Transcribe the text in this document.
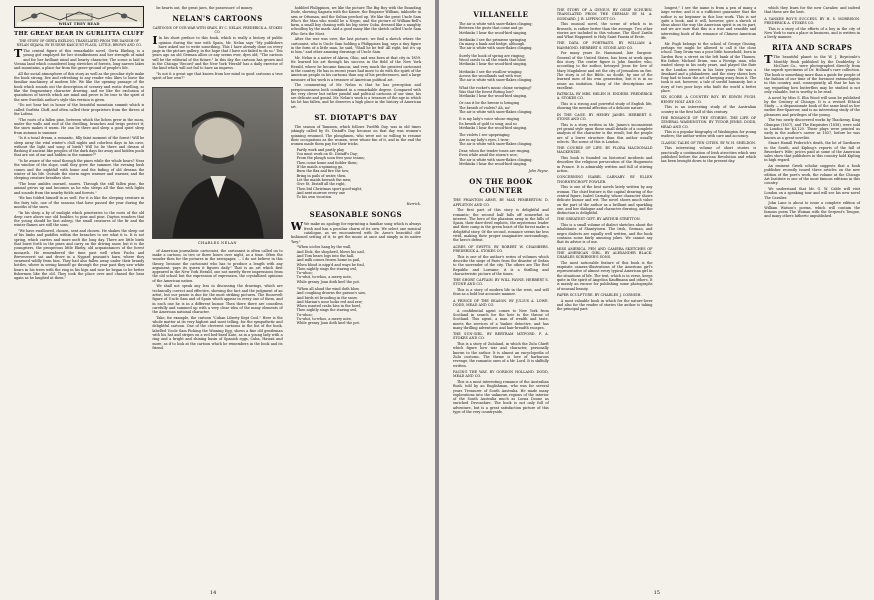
WHAT THEY READ
THE GREAT BEAR IN GURLITTA CLUFF
THE STORY OF GERTA EKELING, TRANSLATED FROM THE DANISH OF NELAN SKJANA, BY EUGENE KASCIUST FLACK, LITTLE, BROWN AND CO.

T The central figure of this remarkable novel, Gerta Ekeling, is a young girl employed for her steadfastness and her strength of mind and for her brilliant mind and hearty character. The scene is laid in Vienna land which considered long stretches of forests, long narrow lakes and mountains, a place far from the grave-ground of people's life.

All the social atmosphere of this story as well as the peculiar style make the book strong, live and refreshing to any reader who likes to leave the familiar machinery of modern life. We like the opening passage of the book which sounds out the description of scenery and rustic dwelling, so like the fragmentary character drawing, and we like the exclusion of quaintness of tarrels which are mind and prove to be true to the spirit of the new Swedish author's style this version is given.

"Do not hear but in honor of the beautiful mountain summit which is called Gurlitta Cluff, and often called their proprietors from the threes of the Lofens.

"The roots of a fallen pine, between which the lichen grew in the moss, under the walls and roof of the dwelling, branches and twigs protect it; the snow makes it warm. He can lie there and sleep a good quiet sleep from autumn to summer.

"Is it a tonal dream, a romantic, filly faint moment of the forest! Will he sleep away the vital winter's chill nights and colorless days in his cave, without the light and song of birds? Will he lie there and dream of flashing if ancient like peoples of the dark days far away and hidden pools that are out of ear and hidden in the summer?"

"Is he aware of the wind through the pines while the whole bears? Near the window of the slope, until they grew the summer, the evening hush comes and the nightfall with home and the fading of old dreams the winter of his life. Outside the storm rages warmer and warmer, and the sleeping creature breathes slow.

"The bear ambles onward, snores. Through the still fallen pine, the animal grows up and becomes as he who sleeps all the thin with lights and sounds from the nearby fields and forests."

"He has folded himself in as well. For it is like the sleeping creature in the fairy tale, one of the seasons that have passed the year during the months of the snow.

"In his sleep a by of sunlight which penetrates to the roots of the old deep cave above one old boulder, to pine and pine. Dayton wonders that the young should be fast asleep, the small creatures of the fir and the winter flames are still the sons.

"We have swallowed, chosen, sent and chosen. He shakes the sleep out of his limbs and paddles within the branches to see what it is. It is not spring, which carries and more melt the long day. There are little birds that burst forth in the pines and carry on the driving snow, but it is the youngsters, the prosperous little Ekeby, old acquaintances of the forest monarch. He remembered the time past well when Fuchs and Breveswerst sat and drove in a Nygard peasant's barn, where they swarmed wildly from him. They had also fallen away under their brandy bottles, where in seeing himself go through the year past they saw white bears in his trees with the ring in his hips and now he began to be better fishermen like the old. They took the place over and chased the bear again as he laughed at them."

be hearts out, the great jaws, the possessors' of money.

NELAN'S CARTOONS
CARTOONS OF OUR WAR WITH SPAIN. BY C. NELAN. FREDERICK A. STOKES CO.

I In his short preface to this book, which is really a history of public opinion during the war with Spain, Mr. Nelan says "My publishers have asked me to write something. This I have already done on every page in the picture gallery, in the hope that I have not failed to do so." Ten years ago an old German allies or any seems ever, dyes old; "The cartoon will be the editorial of the future." In this day the cartoon has grown and in the Chicago 'Record' and the New York 'Herald' has a daily exercise of the kind which will not fail to have an impress.

"Is not it a great age that knows from her mind in good cartoons a true spirit of her own?"

CHARLES NELAN

of American journalistic cartoonist, the cartoonist is often called on to make a cartoon, in two or three hours over night, as a time. Often the wonder then for the pictures in the newspaper, ... I do not believe in this theory, because the cartoonist who has to produce a length with any argument, pays its queen it figures daily." That is an art which first appeared in the New York Herald, one not merely three impressions from the old school but the expression of expression, the crystallized opinions of the American nation.

We shall not speak any less in discussing the drawings, which are technically correct and effective, showing the fact and the judgment of an artist, but our praise is due for the most striking pictures. The Roosevelt figure of Uncle Sam and of Spain which appear in every one of them, and in each one he is in a different humor. Then there there are countless carefully and summed up with a very clear idea of the many elements of the American national character.

Take, for example, the cartoon "Cuban Liberty Kept Cool." Here is the whole matter at its very highest and most telling, for the sympathetic and delightful cartoon. One of the cleverest cartoons in the list of the book, labelled Uncle Sam Picking the Winning Egg, shows a fine old gentleman with his hat and stripes on a red bed-lined Kate, as in a young lady with a ring and a bright and shining basin of Spanish eggs, Cuba, Hawaii and more, as if to look at the cartoon which he remembers in the book and its friend.

hobbled Philippines, we like the picture The Big Boy with the Bounding Dude, showing Sagasta with the Kaiser, the Emperor William, inkbottle in arm or Ottoman, and the Sultan perched up. We like the great Uncle Sam Who's the Man who would be a Negro, and the picture of William-Bell's farm, a small boy chasing with his big sister Cuba, dressed like a naughty schoolboy by the mark. And a good many like the sketch called Uncle Sam Who Gets the Most.

After the war was over, the last picture, we find a sketch where the cartoonist, who is Uncle Sam holding a Philippines bag, says a tiny figure in the form of a little man, he said, "Shall he be fed! All right, but it's up to him," and other amusing drawings of Uncle Sam.

Mr. Nelan is a native of Akron, Ohio, and was born at that city in 1859. He learned his art through his success in the field of the New York Herald, where he became famous, and very much the greatest cartoonist in the country. He has in recent years had more to do with the spirit of the American people in his cartoons than any of his predecessors, and a large measure of his work is a treasure of American political art.

The commenting of Mr. Nelan is that he has perception and perspicuousness both combined in a remarkable degree. Compared with the very clever but rather painful and political cartoons of our time, his are delicate and genial. Mr. Nelan's work is a treasure of the age in which his lot has fallen, and he deserves a high place in the history of American art.

ST. DIOTAPT'S DAY

The season of Tammen, which follows Twelfth Day, was in old times jokingly called by St. Distaff's Day because on that day was women's spinning resumed. The ploughmen, who were not so willing to resume their occupations as the women, were whose fun of it, and in the end the women made them pay for their tricks.

Partly work and partly play
You must work on St. Distaff's Day;
From the plough soon free your teams;
Then come home and fodder them;
If the maids a-spinning go,
Burn the flax and fire the tow;
Bring in pails of water, then,
Let the maids bewash the men;
Give St. Distaff all the right,
Then bid Christmas sport good-night;
And next morrow every one
To his own vocation.

Herrick.
SEASONABLE SONGS

W We make no apology for reprinting a familiar song which is always fresh and has a peculiar charm of its own. We select one musical catalogue, as we encountered with Dr. Arne's beautiful old-fashioned setting of it, to get the music at once and simply in its native "key."

"When icicles hang by the wall,
And Dick, the shepherd, blows his nail,
And Tom bears logs into the hall,
And milk comes frozen home in pail,
When blood is nipp'd and ways be foul,
Then nightly sings the staring owl,
Tu-whoo;
Tu-whit, tu-whoo, a merry note,
While greasy Joan doth keel the pot.

"When all aloud the wind doth blow,
And coughing drowns the parson's saw,
And birds sit brooding in the snow,
And Marian's nose looks red and raw;
When roasted crabs hiss in the bowl,
Then nightly sings the staring owl,
Tu-whoo;
Tu-whit, tu-whoo, a merry note,
While greasy Joan doth keel the pot.

14
VILLANELLE

The air is white with snow-flakes clinging;
Between the gusts that come and go
Methinks I hear the wood-bird singing.

Methinks I see the primrose springing
On many a bank and hedge, although
The air is white with snow-flakes clinging.

Surely the hook of spring are ringing;
Wood carols to all the winds that blow,
Methinks I hear the wood-bird singing.

Methinks I see the swallow winging
Across the woodlands sad with woe;
The air is white with snow-flakes clinging.

What the rocket's music chime swinging?
Was that the forest fluting low?
Methinks I hear the wood-bird singing.

Or can it be the breeze is bringing
The breath of violets? Ah, no!
The air is white with snow-flakes clinging.

It is my lady's voice whose ringing
Its breath of gold to song; and so
Methinks I hear the wood-bird singing.

The violets I see upspringing
Are in my lady's eyes, I trow;
The air is white with snow-flakes clinging.

Dear, when the tender tones are ringing,
Even while amid the storm's woe;
The air is white with snow-flakes clinging,
Methinks I hear the wood-bird singing.

John Payne.
ON THE BOOK COUNTER

THE PHANTOM ARMY, BY MAX PEMBERTON. D. APPLETON AND CO.

The first part of this story is delightful and romantic; the second half falls off somewhat in interest. The hero of the phantom army in the hills of Spain, their dare-devil exploits, the mysterious leader and their camp in the green heart of the forest make a delightful story. Of the second, romance seems far less vivid, making their proper imaginative surroundings, the hero's defeat.

ACRES OF SWIFTS. BY ROBERT W. CHAMBERS. FREDERICK A. STOKES CO.

This is one of the author's series of volumes which describe the siege of Paris from the disaster of Sedan to the surrender of the city. The others are The Red Republic and Lorraine; it is a thrilling and characteristic picture of the times.

THE SHORT CAPTAIN. BY WILL PAYNE. HERBERT S. STONE AND CO.

This is a story of modern life in the west, and will thus as a bold but accurate manner.

A PRINCE OF THE SEASON. BY JULIUS A. LOWE. DODD, MEAD AND CO.

A confidential agent comes to New York from Scotland in search for the heir to the throne of Scotland. This agent, a man of wealth and taste, meets the services of a Yankee detective, and has many thrilling adventures and hair-breadth escapes.

THE SUN-GIRL. BY BERTRAM MITFORD. F. A. STOKES AND CO.

This is a story of Zululand, in which the Zulu Chieft which figure how war and character, personally known to the author. It is almost an encyclopedia of Zulu customs. The theme is love of barbarous revenge, the romantic ones of a Mr. Lord. It is skilfully written.

FACING THE WAY. BY GORDON HOLLAND. DODD, MEAD AND CO.

This is a most interesting romance of the Australian Bush, told by an Englishman, who was for several years Treasurer of South Australia. He made many explorations into the unknown regions of the interior of the South Australia much as Lorna Doone as enriched Devonshire. The book is not only full of adventure, but is a great satisfaction picture of this type of the very countryside.

THE STORY OF A GENIUS. BY OSSIP SCHUBIN. TRANSLATED FROM THE GERMAN BY M. A. GODDARD. J. B. LIPPINCOTT CO.

This musical novel, the scene of which is in Brussels, is rather better than the average. Two other stories are included in this volume, The Sloof Zarilis and What Happened to Holy Saint Fausta of Erste.

THE DATA OF PORTRAITS. BY WILLIAM A. HAMMOND. HERBERT S. STONE AND CO.

For many years Dr. Hammond, late Surgeon-General of the United States, has been at work upon this story. The centre figure is John Smeder, who, according to the author, betrayed Jesus for love of Mary Magdalene and set the city of Jerusalem on fire. The story is of the Bible, no doubt, by one of the learned men of his own generation; but it is in no sense an imitation. Many of the descriptions are excellent.

PATRICIA. BY MRS. HELEN H. ENDERS. FREDERICK A. STOKES CO.

This is a strong and powerful study of English life, showing the mental affection of a delicate nature.

IN THE CAGE. BY HENRY JAMES. HERBERT S. STONE AND CO.

This is a story written in Mr. James's inconsistent yet genial style upon those small details of a complete analysis of the character is the result; but the people are of a lower structure than this author usually selects. The scene of this is London.

THE COURSE OF LIFE. BY FLORA MACDONALD MACKENZIE.

This book is founded on historical incidents and describes the religious persecution of the Huguenots in France. It is admirably written and full of stirring action.

CONCERNING ISABEL CARNABY. BY ELLEN THORNEYCROFT FOWLER.

This is one of the best novels lately written by any woman. The chief feature is the capital drawing of the central figure, Isabel Carnaby, whose character shows delicate humor and wit. The novel shows much value on the part of the author as a brilliant and sparkling one, and her dialogue and character drawing, and the distinction is delightful.

THE GREATEST GIFT. BY ARTHUR STRETTON.

This is a small volume of dialect sketches about the inhabitants of Shantytown. The Irish, German, and negro dialects are equally well written, and the book contains some fairly amusing jokes. We cannot say that its advice is of use.

MISS AMERICA. PEN AND CAMERA SKETCHES OF THE AMERICAN GIRL. BY ALEXANDER BLACK. CHARLES SCRIBNER'S SONS.

The most noticeable feature of this book is the exquisite camera-illustrations of the American girl's representative of almost every typical American girl in the situations of life. The text, which is in verse, keeps quite in the spirit of Angelica Kauffmann and others. It is mainly an excuse for publishing some photographs of unusual beauty.

PAPER SCULPTURE. BY CHARLES J. CORNISH.

A most valuable book in which for the nature-lover and also for the reader of stories the author is taking the principal part.

longest." I see the name is from a pen of many a large writer, and it is a sufficient guarantee that the author is no beginner in this line work. This is not quite a book, and it will, however, give a sketch of ideas about the way the American spirit is on its part, and we are sure that this is a true and sensible and interesting book of the romance of Chinese American life.

Mr. Pugh belongs to the school of George Gissing, perhaps we might be allowed to call it the close school. Tony Drum was a poor little household, born in Garden Row, a street on the left bank of the Thames. His father, Michael Drum, was a Foreign man, who tended sheep in his early years, and played the flute in the London streets in his later years. He was a drunkard and a philanderer, and the story shows how Tony had to learn the art of keeping away from it. The book is not, however, a tale of sordid humanity, but a story of two poor boys who built the world a better place.

SIX SCORE. A COUNTRY BOY. BY EDWIN PUGH. HENRY HOLT AND CO.

This is an interesting study of the Australian country in the first half of this century.

THE ROMANCE OF THE STORIES. THE LIFE OF GENERAL WASHINGTON. BY TUDOR JENKS. DODD, MEAD AND CO.

This is a popular biography of Washington for young readers; the author writes with care and accuracy.

CLASSIC TALES OF TEN CITIES. BY W. H. SHELDON.

This interesting volume of short stories is practically a continuation of Irish atrocities which was published before the American Revolution and which has been brought down to the present day.

which they learn for the new Cavalier, and indeed that these are the best.

A YANKEE BOY'S SUCCESS. BY H. S. MORRISON. FREDERICK A. STOKES CO.

This is a story of the efforts of a boy in the city of New York to earn a place in business, and is written in a lively manner.

RITA AND SCRAPS

T The beautiful planet in the W. J. Boyntonle's Monthly Book published by the Doubleday & McClure Co., were photographed directly from the superb specimens of Dr. Holland's rare collection. The book is something more than a guide for people of the fashion of our time of the foremost entomologists in this country, and, consequently, all that he has to say regarding how butterflies may be studied is not only valuable, but is worthy to be read.

A novel by Miss S. Elin Wood will soon be published by the Century of Chicago. It is a revised Ethical Study — a dispassionate book of the same kind as her earlier Bee-Sparrow, and is an interesting study of the pleasures and privileges of the young.

The two newly discovered works by Thackeray, King Glumpus (1837), and The Exquisites (1838), were sold in London for $3,120. These plays were printed as early in the author's career as 1837, before he was known as a great novelist.

Stuart Hamill Federich's death, the lot of Gardiners in the South, and Kipling's reports of the fall of Brueeker's Wife; prices paid at some of the American sales show that publishers in this country hold Kipling in high regard.

An eminent Greek scholar suggests that a book publisher recently issued three articles on the new edition of the poet's work, the volume at the Chicago Art Institute is one of the most famous editions in this country.

We understand that Mr. G. W. Cable will visit London on a speaking tour and will see his new novel The Cavalier.

John Lane is about to issue a complete edition of William Watson's poems, which will contain the famous poem The Woman with the Serpent's Tongue, and many others hitherto unpublished.

15
